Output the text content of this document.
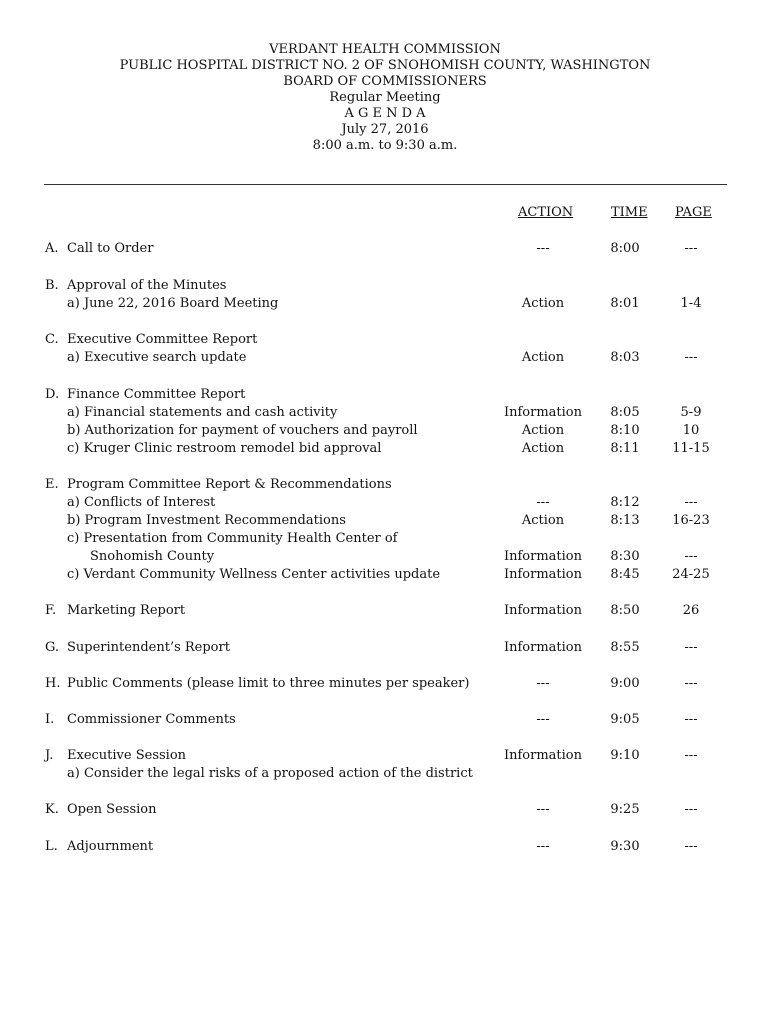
VERDANT HEALTH COMMISSION
PUBLIC HOSPITAL DISTRICT NO. 2 OF SNOHOMISH COUNTY, WASHINGTON
BOARD OF COMMISSIONERS
Regular Meeting
A G E N D A
July 27, 2016
8:00 a.m. to 9:30 a.m.
ACTION	TIME PAGE
A. Call to Order	---	8:00	---
B. Approval of the Minutes
a) June 22, 2016 Board Meeting	Action	8:01	1-4
C. Executive Committee Report
a) Executive search update	Action	8:03	---
D. Finance Committee Report
a) Financial statements and cash activity	Information	8:05	5-9
b) Authorization for payment of vouchers and payroll	Action	8:10	10
c) Kruger Clinic restroom remodel bid approval	Action	8:11	11-15
E. Program Committee Report & Recommendations
a) Conflicts of Interest	---	8:12	---
b) Program Investment Recommendations	Action	8:13	16-23
c) Presentation from Community Health Center of
Snohomish County	Information	8:30	---
c) Verdant Community Wellness Center activities update	Information	8:45	24-25
F. Marketing Report	Information	8:50	26
G. Superintendent’s Report	Information	8:55	---
H. Public Comments (please limit to three minutes per speaker)	---	9:00	---
I. Commissioner Comments	---	9:05	---
J. Executive Session	Information	9:10	---
a) Consider the legal risks of a proposed action of the district
K. Open Session	---	9:25	---
L. Adjournment	---	9:30	---
